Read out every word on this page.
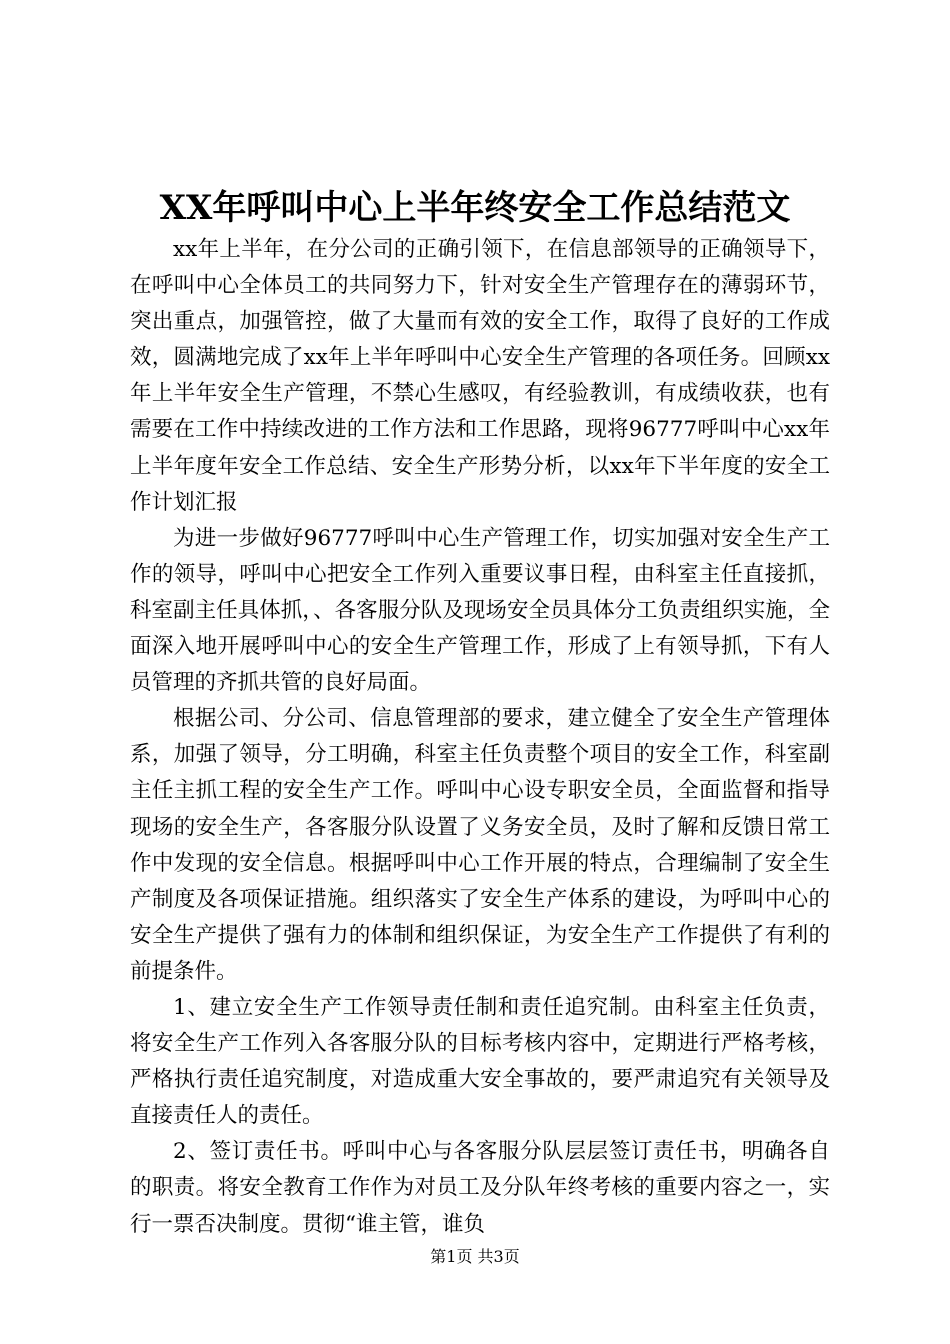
XX年呼叫中心上半年终安全工作总结范文

xx年上半年，在分公司的正确引领下，在信息部领导的正确领导下，在呼叫中心全体员工的共同努力下，针对安全生产管理存在的薄弱环节，突出重点，加强管控，做了大量而有效的安全工作，取得了良好的工作成效，圆满地完成了xx年上半年呼叫中心安全生产管理的各项任务。回顾xx年上半年安全生产管理，不禁心生感叹，有经验教训，有成绩收获，也有需要在工作中持续改进的工作方法和工作思路，现将96777呼叫中心xx年上半年度年安全工作总结、安全生产形势分析，以xx年下半年度的安全工作计划汇报

为进一步做好96777呼叫中心生产管理工作，切实加强对安全生产工作的领导，呼叫中心把安全工作列入重要议事日程，由科室主任直接抓，科室副主任具体抓，、各客服分队及现场安全员具体分工负责组织实施，全面深入地开展呼叫中心的安全生产管理工作，形成了上有领导抓，下有人员管理的齐抓共管的良好局面。

根据公司、分公司、信息管理部的要求，建立健全了安全生产管理体系，加强了领导，分工明确，科室主任负责整个项目的安全工作，科室副主任主抓工程的安全生产工作。呼叫中心设专职安全员，全面监督和指导现场的安全生产，各客服分队设置了义务安全员，及时了解和反馈日常工作中发现的安全信息。根据呼叫中心工作开展的特点，合理编制了安全生产制度及各项保证措施。组织落实了安全生产体系的建设，为呼叫中心的安全生产提供了强有力的体制和组织保证，为安全生产工作提供了有利的前提条件。

1、建立安全生产工作领导责任制和责任追究制。由科室主任负责，将安全生产工作列入各客服分队的目标考核内容中，定期进行严格考核，严格执行责任追究制度，对造成重大安全事故的，要严肃追究有关领导及直接责任人的责任。

2、签订责任书。呼叫中心与各客服分队层层签订责任书，明确各自的职责。将安全教育工作作为对员工及分队年终考核的重要内容之一，实行一票否决制度。贯彻“谁主管，谁负

第1页 共3页
